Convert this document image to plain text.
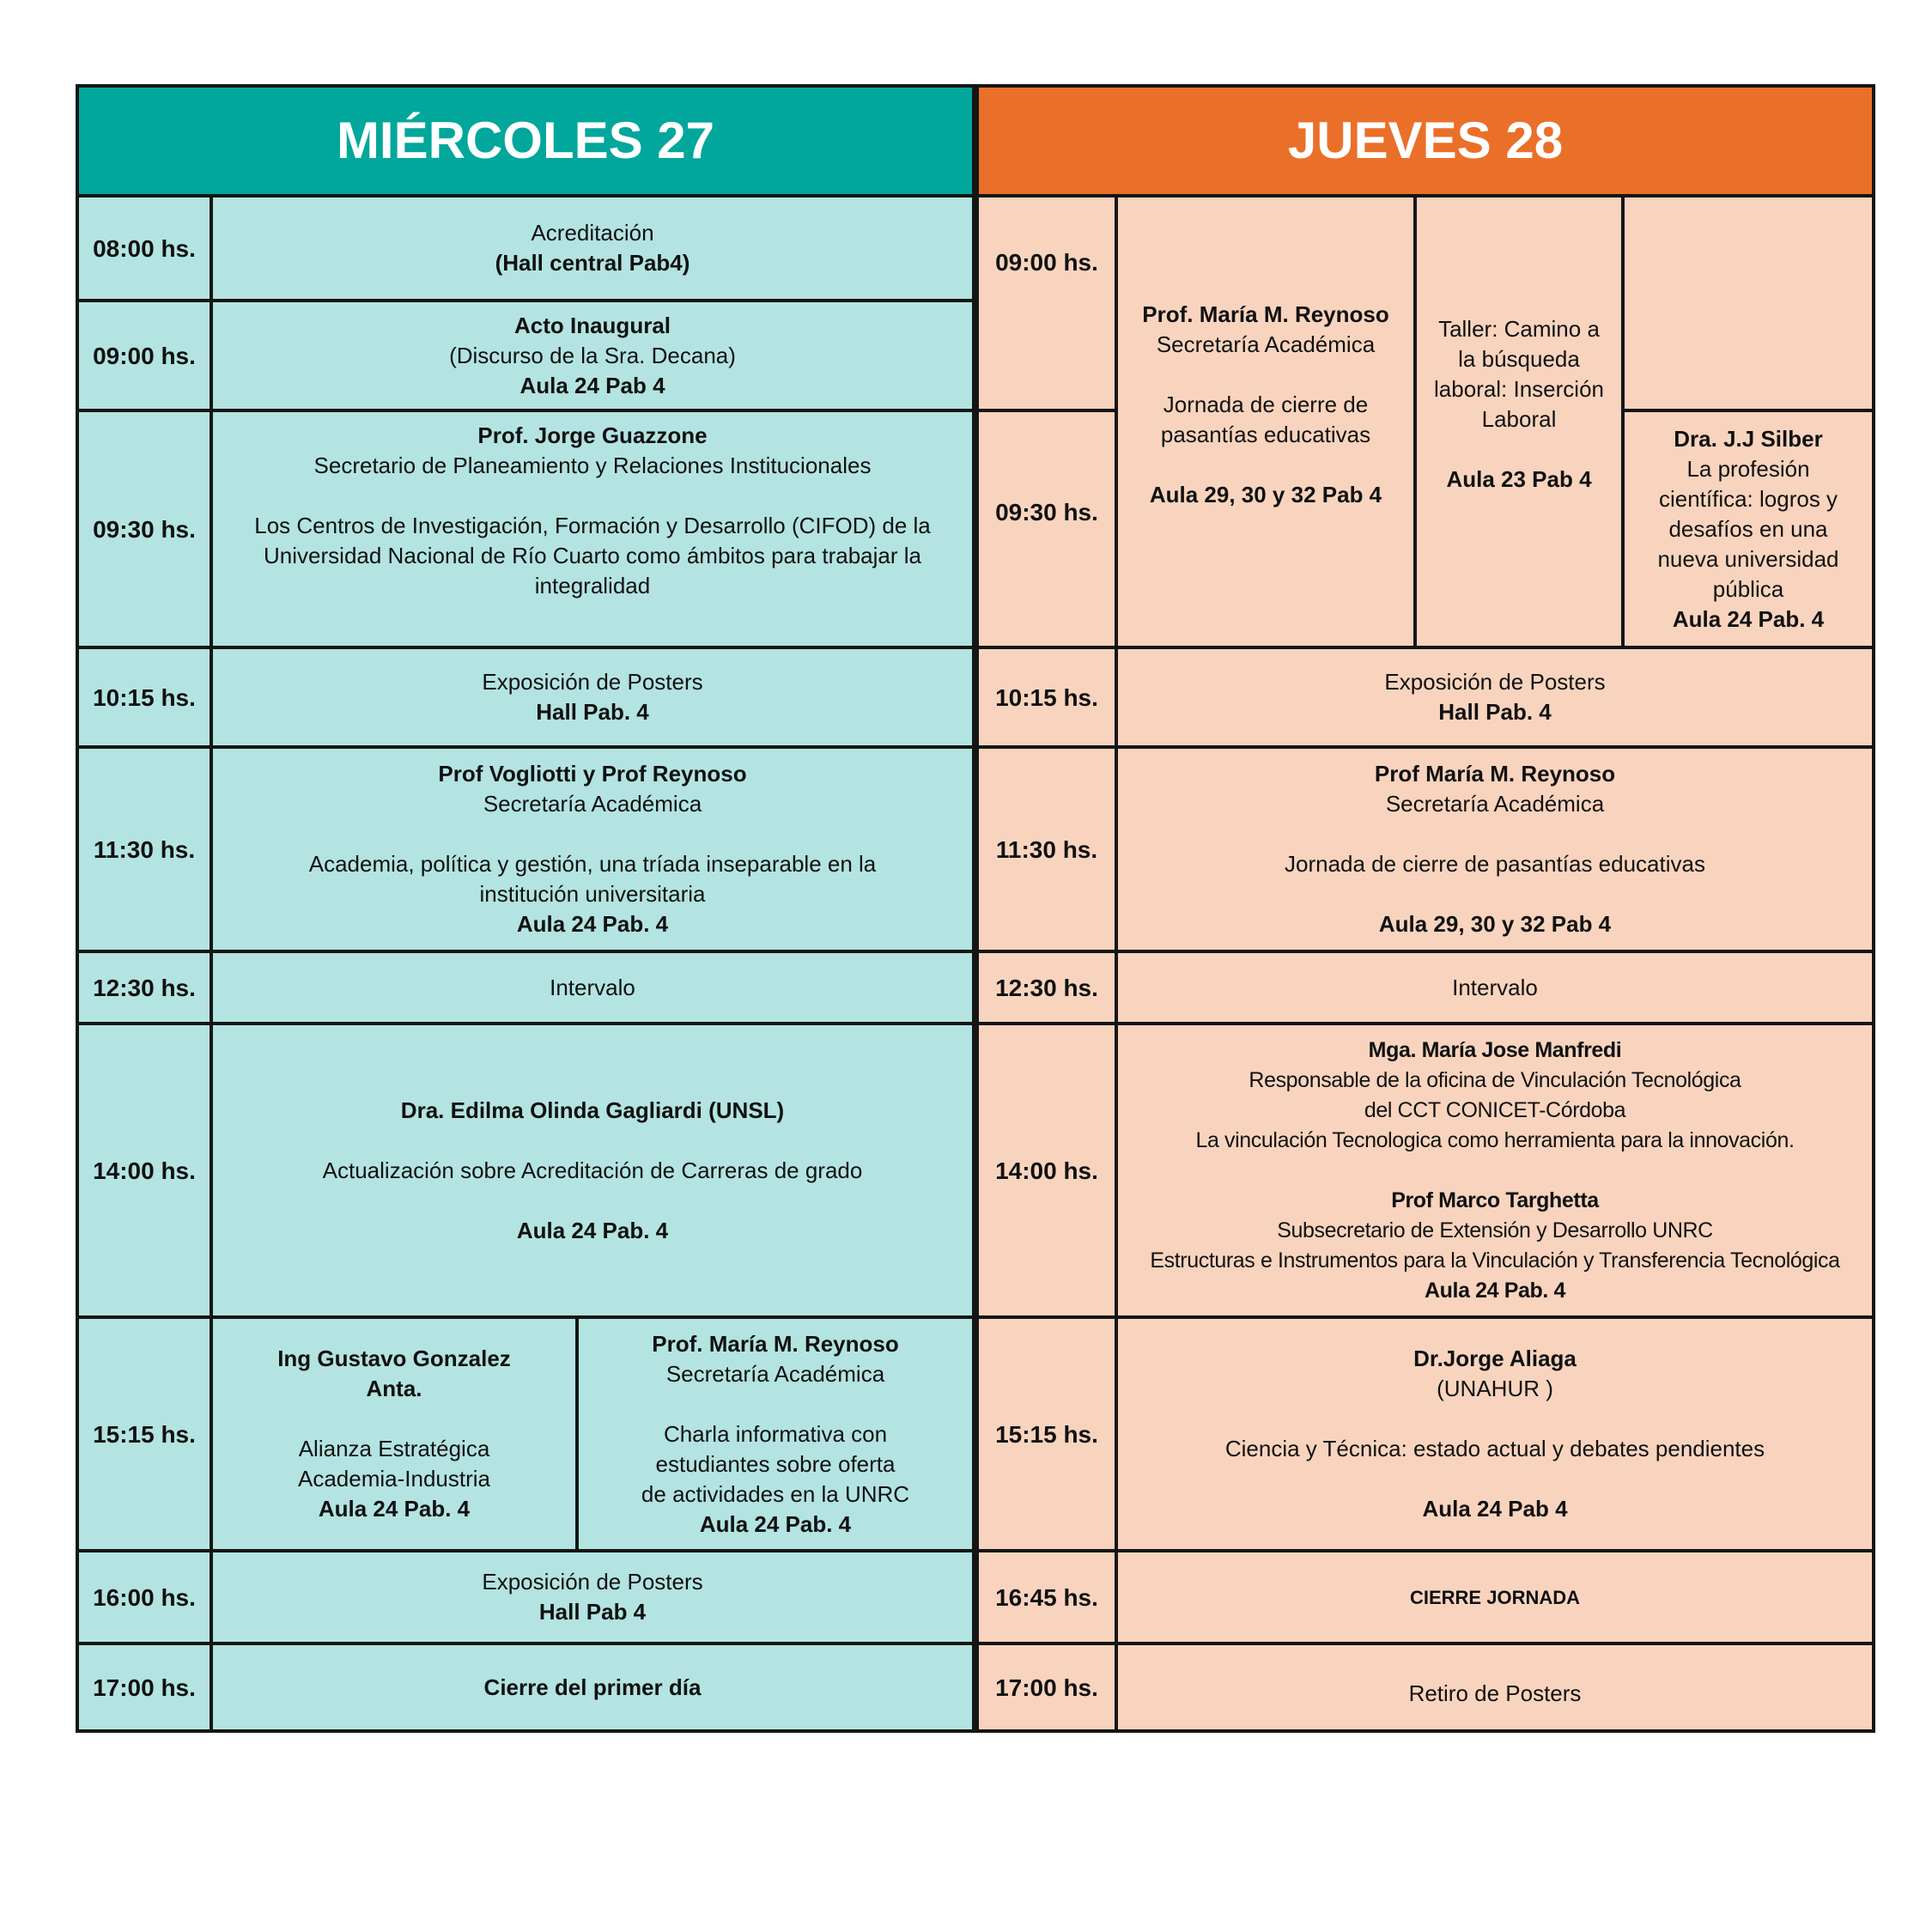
MIÉRCOLES 27	JUEVES 28
08:00 hs.
09:00 hs.
09:30 hs.
10:15 hs.
11:30 hs.
12:30 hs.
14:00 hs.
15:15 hs.
16:00 hs.
17:00 hs.
Acreditación
(Hall central Pab4)
Acto Inaugural
(Discurso de la Sra. Decana)
Aula 24 Pab 4
Prof. Jorge Guazzone
Secretario de Planeamiento y Relaciones Institucionales
Los Centros de Investigación, Formación y Desarrollo (CIFOD) de la
Universidad Nacional de Río Cuarto como ámbitos para trabajar la
integralidad
Exposición de Posters
Hall Pab. 4
Prof Vogliotti y Prof Reynoso
Secretaría Académica
Academia, política y gestión, una tríada inseparable en la
institución universitaria
Aula 24 Pab. 4
Intervalo
Dra. Edilma Olinda Gagliardi (UNSL)
Actualización sobre Acreditación de Carreras de grado
Aula 24 Pab. 4
Ing Gustavo Gonzalez
Anta.
Alianza Estratégica
Academia-Industria
Aula 24 Pab. 4
Prof. María M. Reynoso
Secretaría Académica
Charla informativa con
estudiantes sobre oferta
de actividades en la UNRC
Aula 24 Pab. 4
Exposición de Posters
Hall Pab 4
Cierre del primer día
09:00 hs.
09:30 hs.
10:15 hs.
11:30 hs.
12:30 hs.
14:00 hs.
15:15 hs.
16:45 hs.
17:00 hs.
Prof. María M. Reynoso
Secretaría Académica
Jornada de cierre de
pasantías educativas
Aula 29, 30 y 32 Pab 4
Taller: Camino a
la búsqueda
laboral: Inserción
Laboral
Aula 23 Pab 4
Dra. J.J Silber
La profesión
científica: logros y
desafíos en una
nueva universidad
pública
Aula 24 Pab. 4
Exposición de Posters
Hall Pab. 4
Prof María M. Reynoso
Secretaría Académica
Jornada de cierre de pasantías educativas
Aula 29, 30 y 32 Pab 4
Intervalo
Mga. María Jose Manfredi
Responsable de la oficina de Vinculación Tecnológica
del CCT CONICET-Córdoba
La vinculación Tecnologica como herramienta para la innovación.
Prof Marco Targhetta
Subsecretario de Extensión y Desarrollo UNRC
Estructuras e Instrumentos para la Vinculación y Transferencia Tecnológica
Aula 24 Pab. 4
Dr.Jorge Aliaga
(UNAHUR )
Ciencia y Técnica: estado actual y debates pendientes
Aula 24 Pab 4
CIERRE JORNADA
Retiro de Posters
